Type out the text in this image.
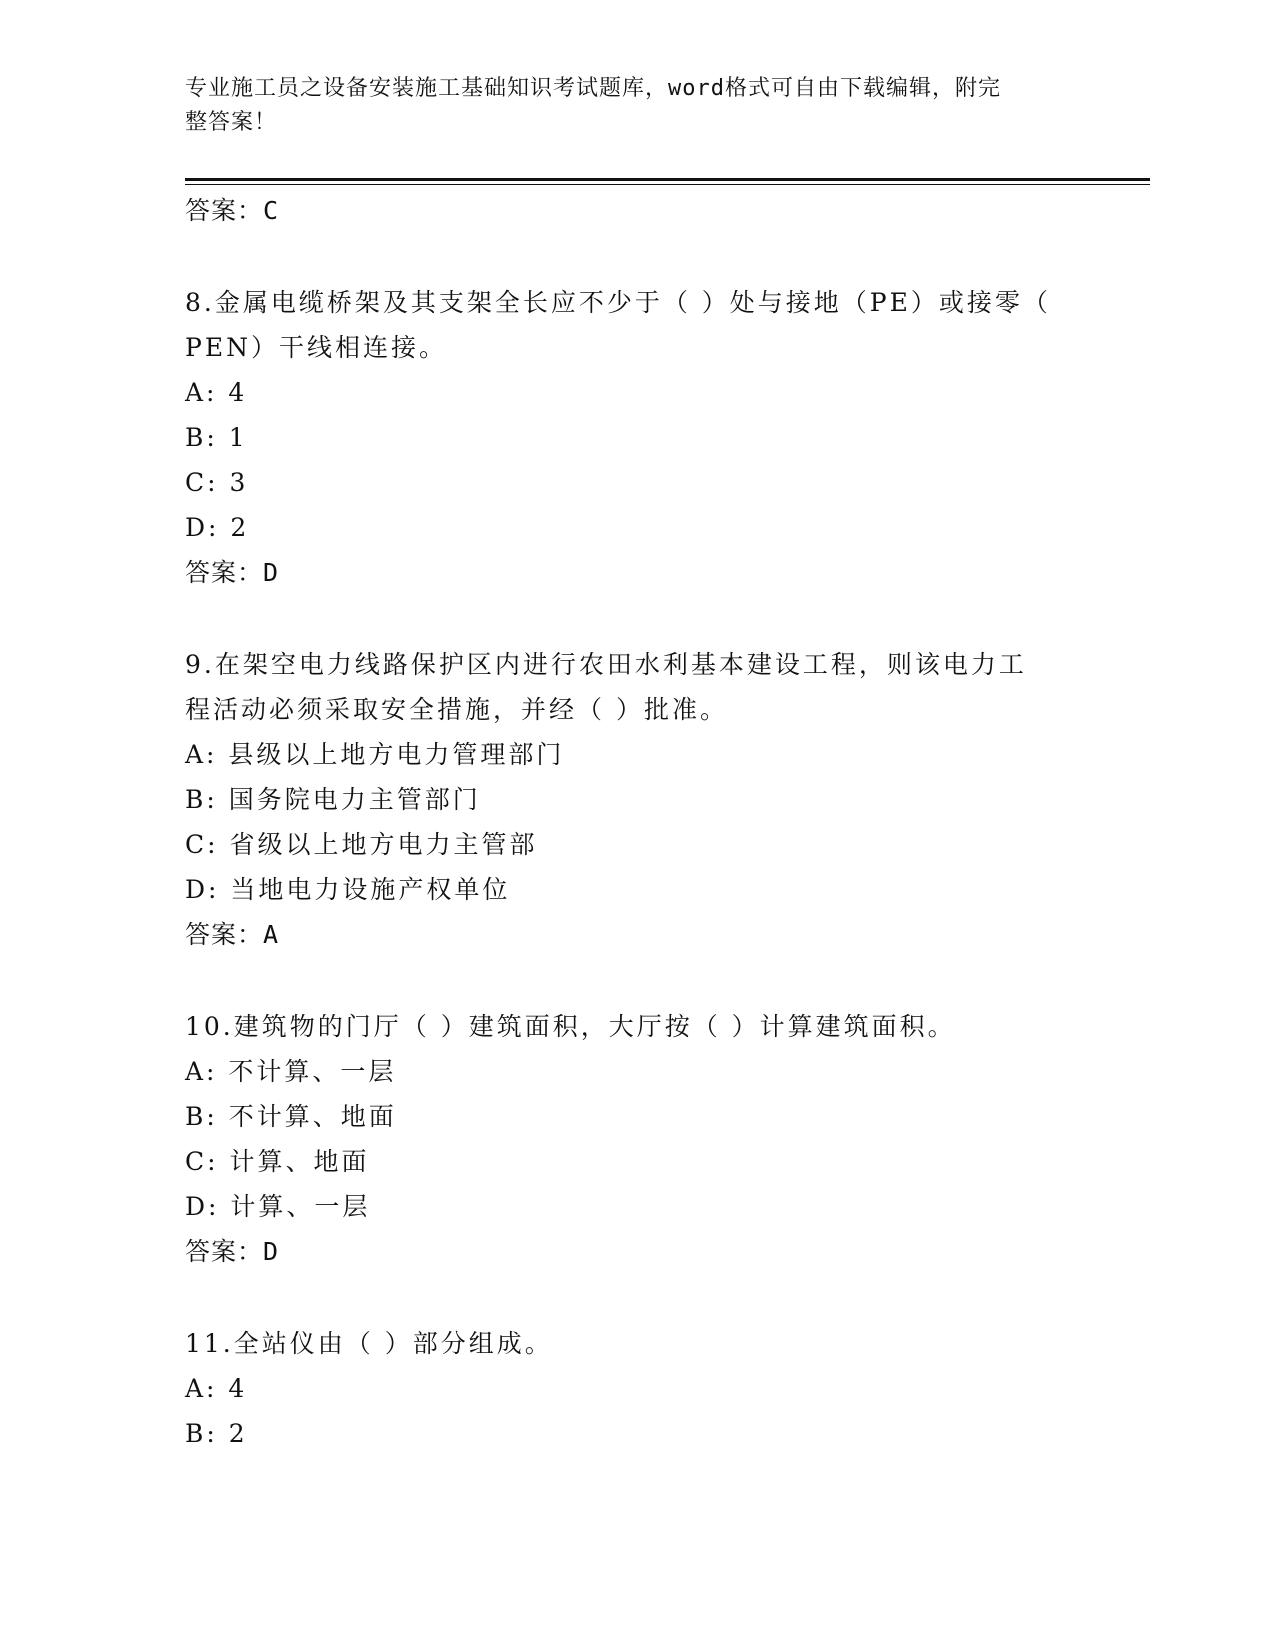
专业施工员之设备安装施工基础知识考试题库，word格式可自由下载编辑，附完
整答案！
答案：C
8.金属电缆桥架及其支架全长应不少于（ ）处与接地（PE）或接零（
PEN）干线相连接。
A: 4
B: 1
C: 3
D: 2
答案：D
9.在架空电力线路保护区内进行农田水利基本建设工程，则该电力工
程活动必须采取安全措施，并经（ ）批准。
A: 县级以上地方电力管理部门
B: 国务院电力主管部门
C: 省级以上地方电力主管部
D: 当地电力设施产权单位
答案：A
10.建筑物的门厅（ ）建筑面积，大厅按（ ）计算建筑面积。
A: 不计算、一层
B: 不计算、地面
C: 计算、地面
D: 计算、一层
答案：D
11.全站仪由（ ）部分组成。
A: 4
B: 2
